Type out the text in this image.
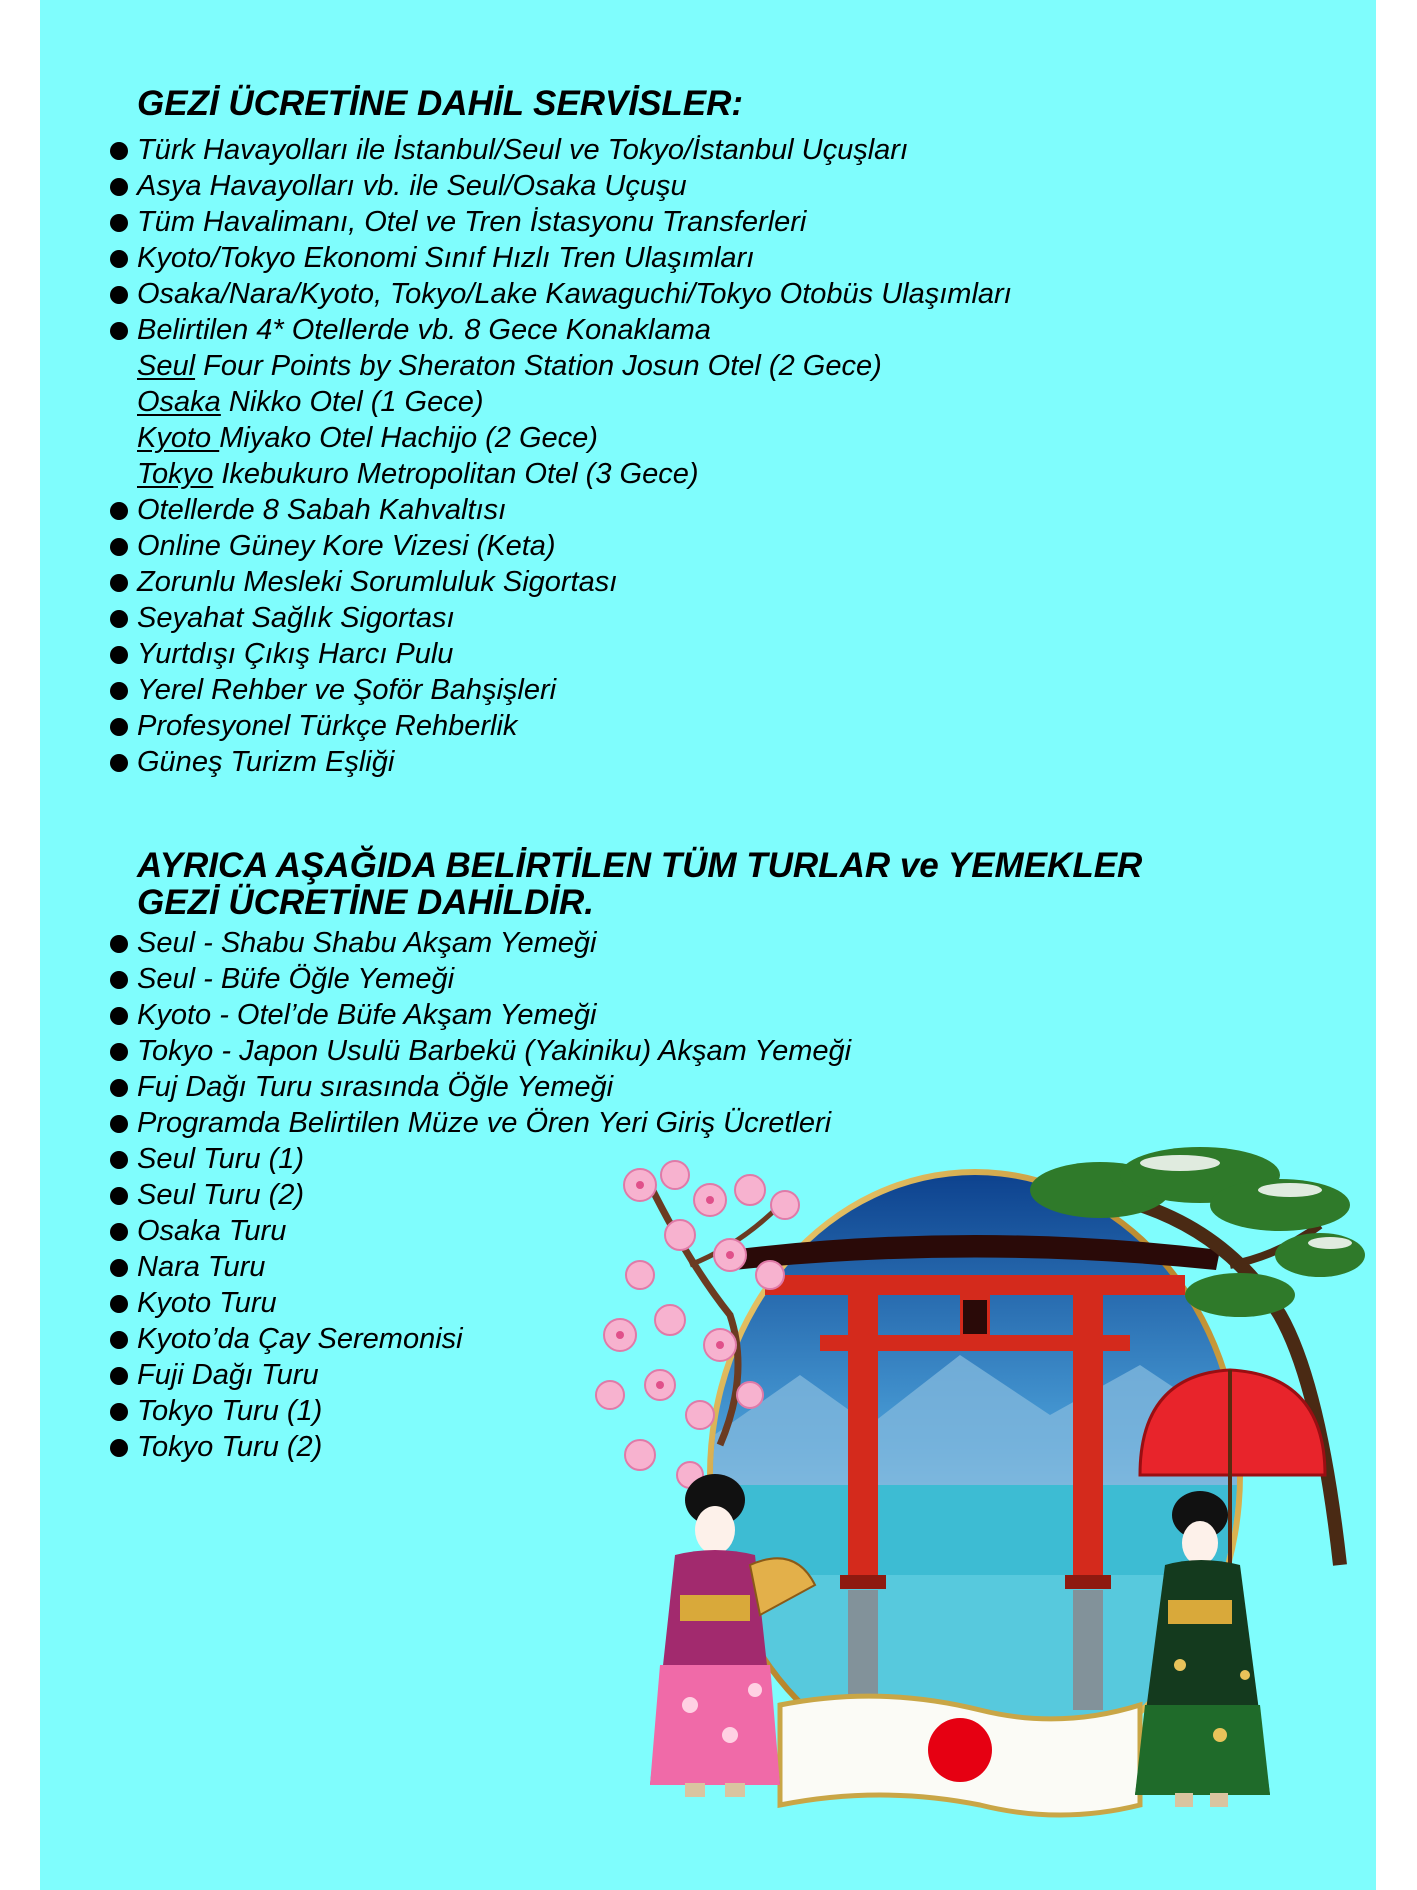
GEZİ ÜCRETİNE DAHİL SERVİSLER:
Türk Havayolları ile İstanbul/Seul ve Tokyo/İstanbul Uçuşları
Asya Havayolları vb. ile Seul/Osaka Uçuşu
Tüm Havalimanı, Otel ve Tren İstasyonu Transferleri
Kyoto/Tokyo Ekonomi Sınıf Hızlı Tren Ulaşımları
Osaka/Nara/Kyoto, Tokyo/Lake Kawaguchi/Tokyo Otobüs Ulaşımları
Belirtilen 4* Otellerde vb. 8 Gece Konaklama
Seul Four Points by Sheraton Station Josun Otel (2 Gece)
Osaka Nikko Otel (1 Gece)
Kyoto Miyako Otel Hachijo (2 Gece)
Tokyo Ikebukuro Metropolitan Otel (3 Gece)
Otellerde 8 Sabah Kahvaltısı
Online Güney Kore Vizesi (Keta)
Zorunlu Mesleki Sorumluluk Sigortası
Seyahat Sağlık Sigortası
Yurtdışı Çıkış Harcı Pulu
Yerel Rehber ve Şoför Bahşişleri
Profesyonel Türkçe Rehberlik
Güneş Turizm Eşliği
AYRICA AŞAĞIDA BELİRTİLEN TÜM TURLAR ve YEMEKLER
GEZİ ÜCRETİNE DAHİLDİR.
Seul - Shabu Shabu Akşam Yemeği
Seul - Büfe Öğle Yemeği
Kyoto - Otel’de Büfe Akşam Yemeği
Tokyo - Japon Usulü Barbekü (Yakiniku) Akşam Yemeği
Fuj Dağı Turu sırasında Öğle Yemeği
Programda Belirtilen Müze ve Ören Yeri Giriş Ücretleri
Seul Turu (1)
Seul Turu (2)
Osaka Turu
Nara Turu
Kyoto Turu
Kyoto’da Çay Seremonisi
Fuji Dağı Turu
Tokyo Turu (1)
Tokyo Turu (2)
